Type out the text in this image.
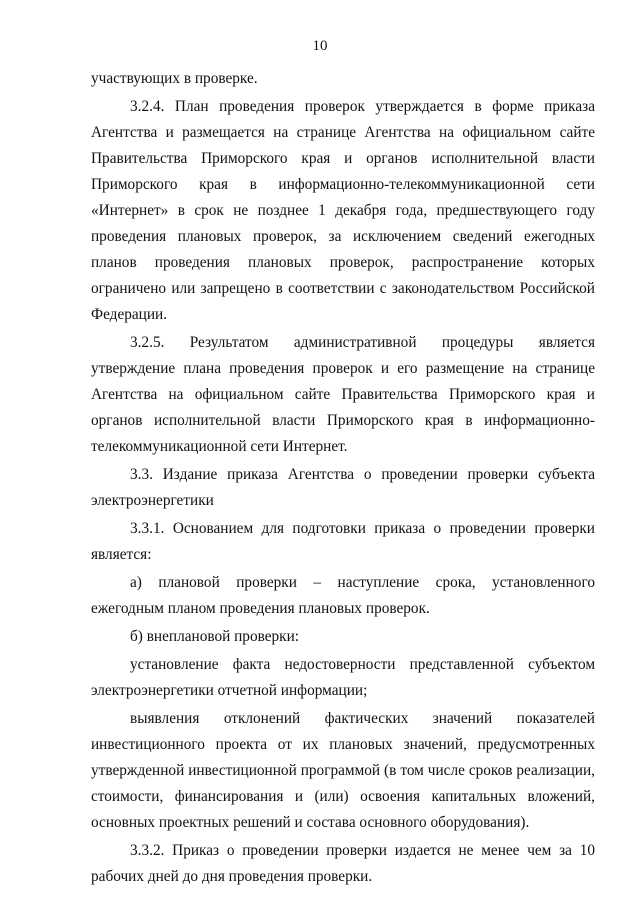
10

участвующих в проверке.

3.2.4. План проведения проверок утверждается в форме приказа Агентства и размещается на странице Агентства на официальном сайте Правительства Приморского края и органов исполнительной власти Приморского края в информационно-телекоммуникационной сети «Интернет» в срок не позднее 1 декабря года, предшествующего году проведения плановых проверок, за исключением сведений ежегодных планов проведения плановых проверок, распространение которых ограничено или запрещено в соответствии с законодательством Российской Федерации.

3.2.5. Результатом административной процедуры является утверждение плана проведения проверок и его размещение на странице Агентства на официальном сайте Правительства Приморского края и органов исполнительной власти Приморского края в информационно-телекоммуникационной сети Интернет.

3.3. Издание приказа Агентства о проведении проверки субъекта электроэнергетики

3.3.1. Основанием для подготовки приказа о проведении проверки является:

а) плановой проверки – наступление срока, установленного ежегодным планом проведения плановых проверок.

б) внеплановой проверки:

установление факта недостоверности представленной субъектом электроэнергетики отчетной информации;

выявления отклонений фактических значений показателей инвестиционного проекта от их плановых значений, предусмотренных утвержденной инвестиционной программой (в том числе сроков реализации, стоимости, финансирования и (или) освоения капитальных вложений, основных проектных решений и состава основного оборудования).

3.3.2. Приказ о проведении проверки издается не менее чем за 10 рабочих дней до дня проведения проверки.
